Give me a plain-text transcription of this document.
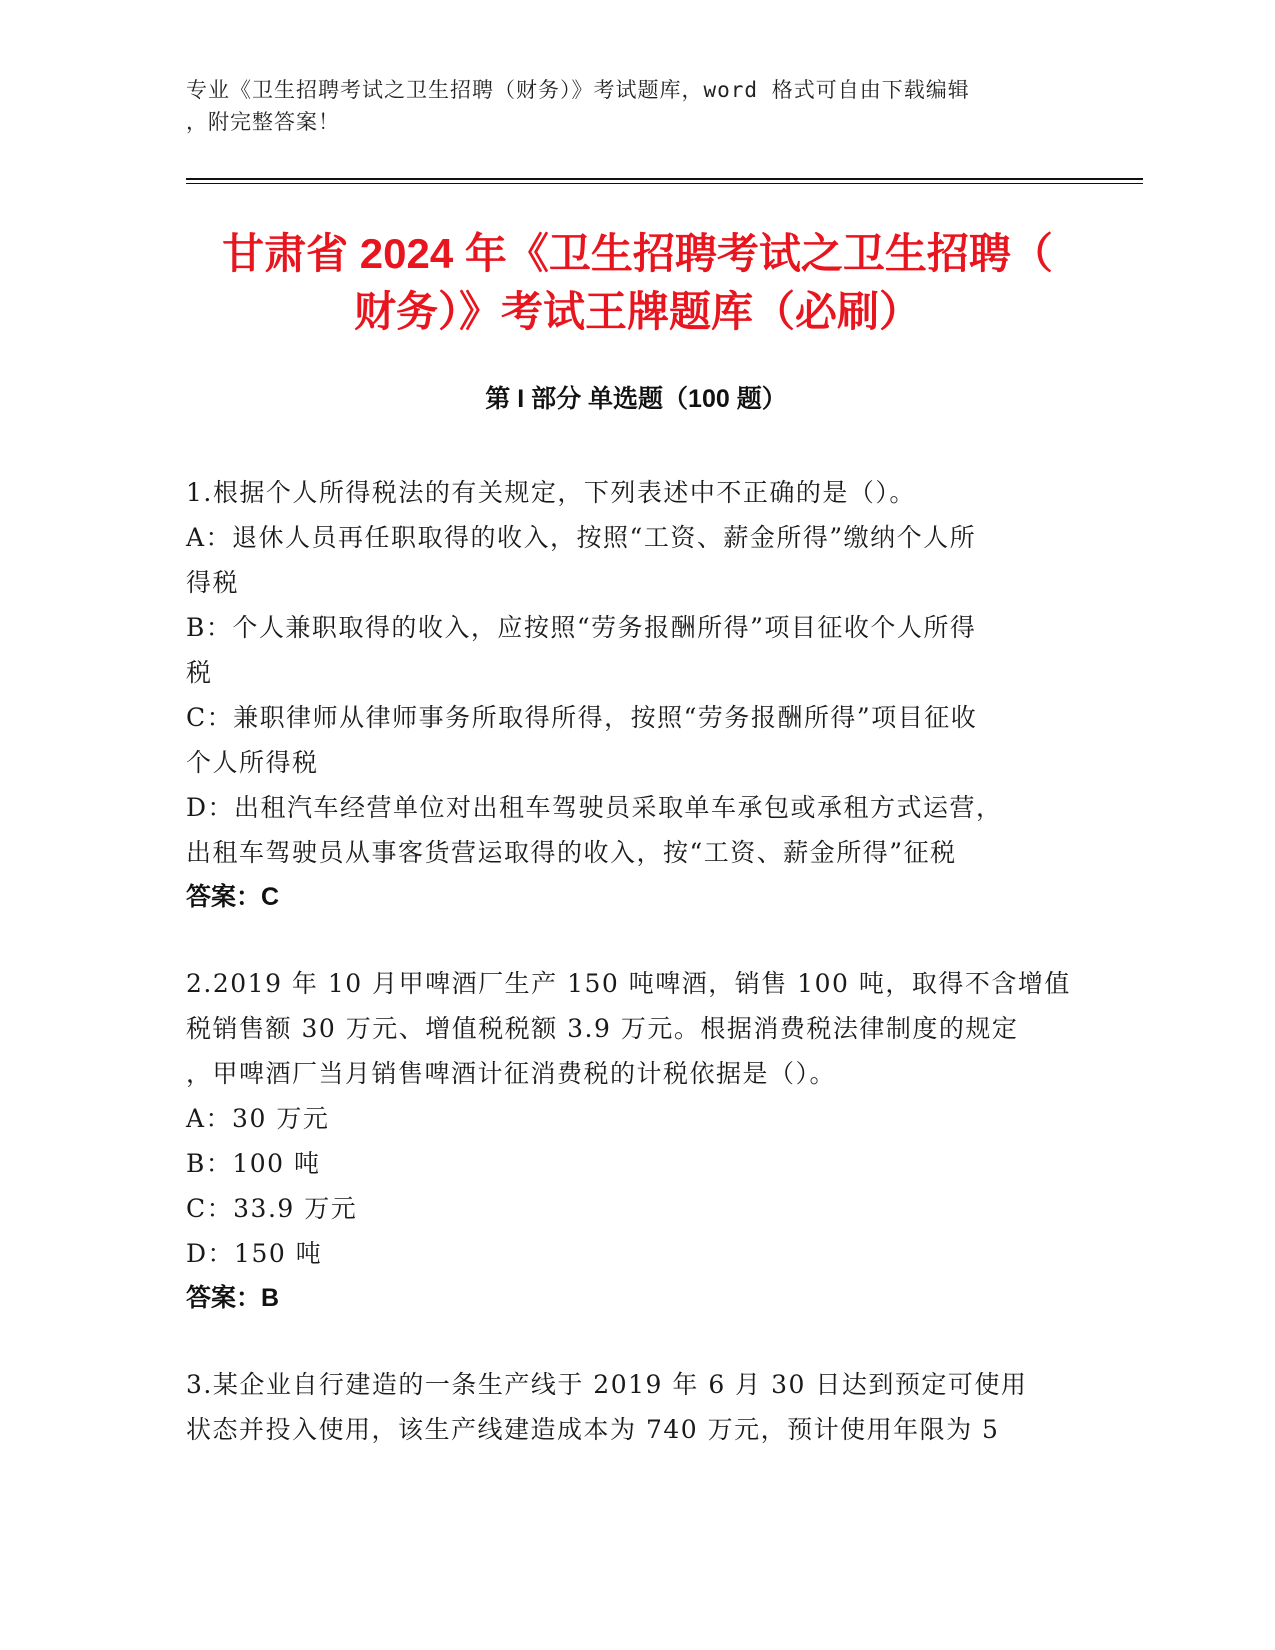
专业《卫生招聘考试之卫生招聘（财务）》考试题库，word 格式可自由下载编辑
，附完整答案！
甘肃省 2024 年《卫生招聘考试之卫生招聘（
财务）》考试王牌题库（必刷）
第 I 部分 单选题（100 题）

1.根据个人所得税法的有关规定，下列表述中不正确的是（）。

A：退休人员再任职取得的收入，按照“工资、薪金所得”缴纳个人所

得税

B：个人兼职取得的收入，应按照“劳务报酬所得”项目征收个人所得

税

C：兼职律师从律师事务所取得所得，按照“劳务报酬所得”项目征收

个人所得税

D：出租汽车经营单位对出租车驾驶员采取单车承包或承租方式运营，

出租车驾驶员从事客货营运取得的收入，按“工资、薪金所得”征税

答案：C

2.2019 年 10 月甲啤酒厂生产 150 吨啤酒，销售 100 吨，取得不含增值

税销售额 30 万元、增值税税额 3.9 万元。根据消费税法律制度的规定

，甲啤酒厂当月销售啤酒计征消费税的计税依据是（）。

A：30 万元

B：100 吨

C：33.9 万元

D：150 吨

答案：B

3.某企业自行建造的一条生产线于 2019 年 6 月 30 日达到预定可使用

状态并投入使用，该生产线建造成本为 740 万元，预计使用年限为 5
